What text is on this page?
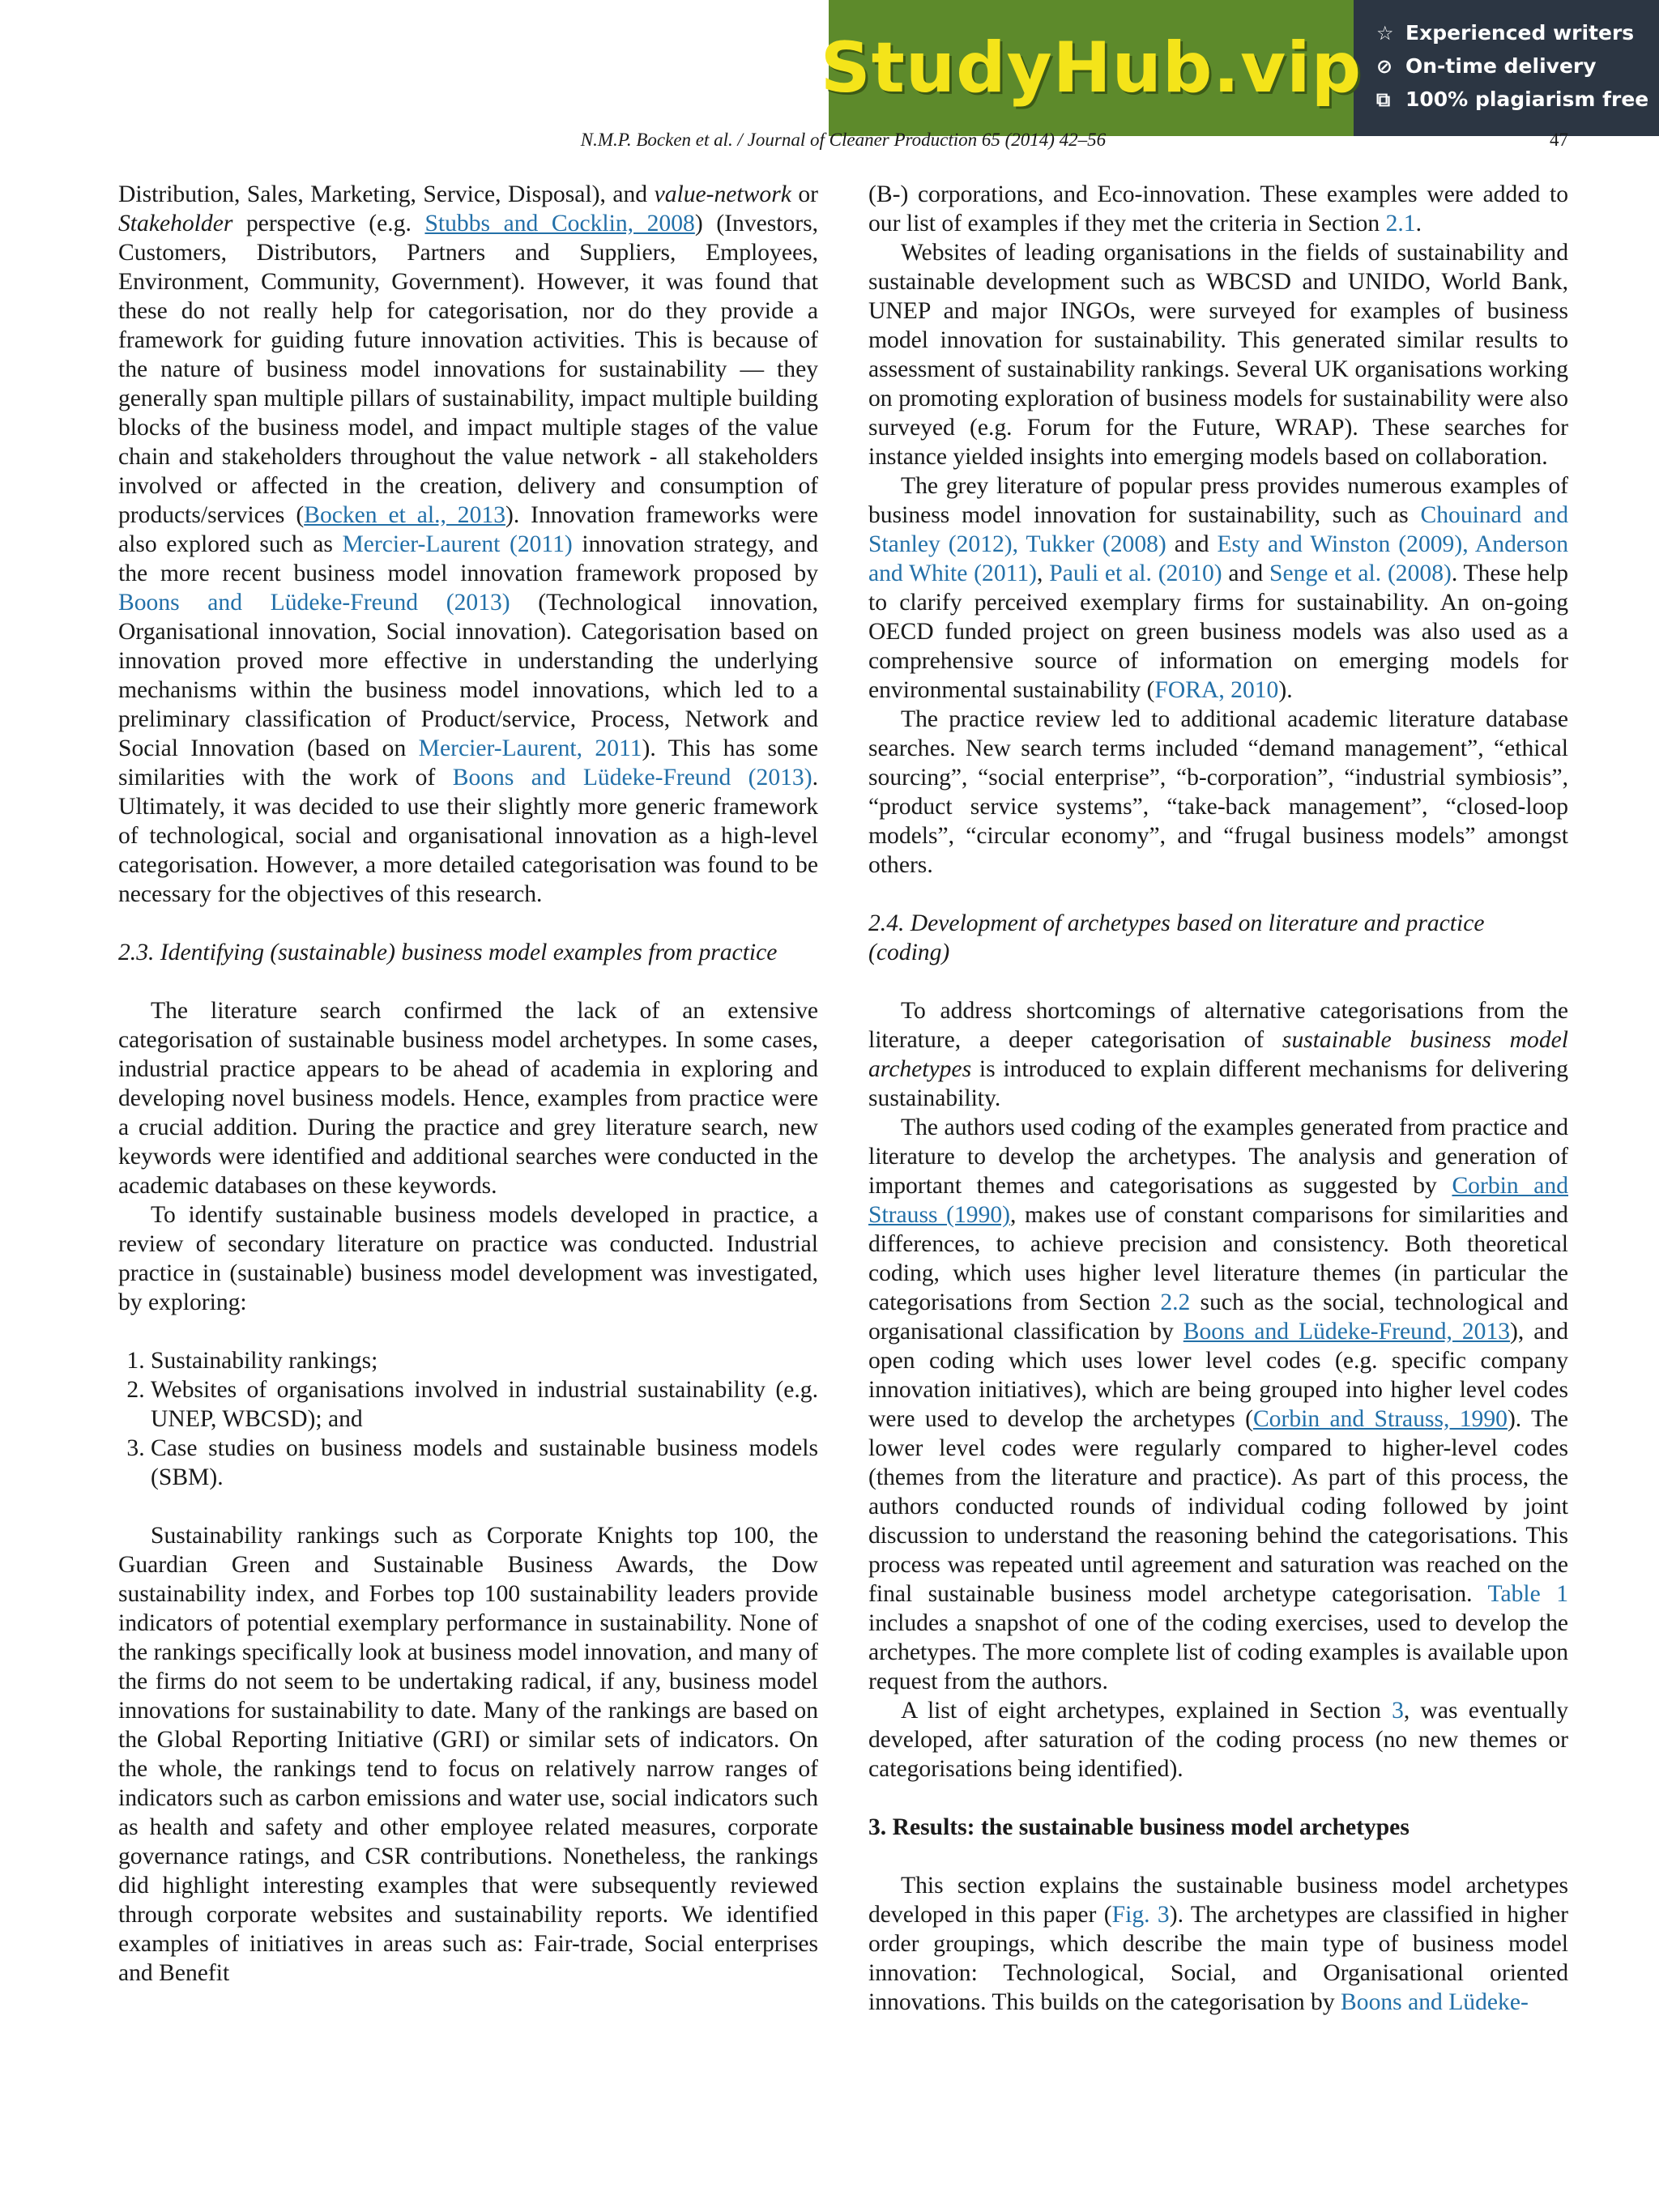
StudyHub.vip ☆ Experienced writers
⊘ On-time delivery
⧉ 100% plagiarism free
N.M.P. Bocken et al. / Journal of Cleaner Production 65 (2014) 42–56	47

Distribution, Sales, Marketing, Service, Disposal), and value-network or Stakeholder perspective (e.g. Stubbs and Cocklin, 2008) (Investors, Customers, Distributors, Partners and Suppliers, Employees, Environment, Community, Government). However, it was found that these do not really help for categorisation, nor do they provide a framework for guiding future innovation activities. This is because of the nature of business model innovations for sustainability — they generally span multiple pillars of sustainability, impact multiple building blocks of the business model, and impact multiple stages of the value chain and stakeholders throughout the value network - all stakeholders involved or affected in the creation, delivery and consumption of products/services (Bocken et al., 2013). Innovation frameworks were also explored such as Mercier-Laurent (2011) innovation strategy, and the more recent business model innovation framework proposed by Boons and Lüdeke-Freund (2013) (Technological innovation, Organisational innovation, Social innovation). Categorisation based on innovation proved more effective in understanding the underlying mechanisms within the business model innovations, which led to a preliminary classification of Product/service, Process, Network and Social Innovation (based on Mercier-Laurent, 2011). This has some similarities with the work of Boons and Lüdeke-Freund (2013). Ultimately, it was decided to use their slightly more generic framework of technological, social and organisational innovation as a high-level categorisation. However, a more detailed categorisation was found to be necessary for the objectives of this research.

2.3. Identifying (sustainable) business model examples from practice

The literature search confirmed the lack of an extensive categorisation of sustainable business model archetypes. In some cases, industrial practice appears to be ahead of academia in exploring and developing novel business models. Hence, examples from practice were a crucial addition. During the practice and grey literature search, new keywords were identified and additional searches were conducted in the academic databases on these keywords.

To identify sustainable business models developed in practice, a review of secondary literature on practice was conducted. Industrial practice in (sustainable) business model development was investigated, by exploring:

1. Sustainability rankings;
2. Websites of organisations involved in industrial sustainability (e.g. UNEP, WBCSD); and
3. Case studies on business models and sustainable business models (SBM).

Sustainability rankings such as Corporate Knights top 100, the Guardian Green and Sustainable Business Awards, the Dow sustainability index, and Forbes top 100 sustainability leaders provide indicators of potential exemplary performance in sustainability. None of the rankings specifically look at business model innovation, and many of the firms do not seem to be undertaking radical, if any, business model innovations for sustainability to date. Many of the rankings are based on the Global Reporting Initiative (GRI) or similar sets of indicators. On the whole, the rankings tend to focus on relatively narrow ranges of indicators such as carbon emissions and water use, social indicators such as health and safety and other employee related measures, corporate governance ratings, and CSR contributions. Nonetheless, the rankings did highlight interesting examples that were subsequently reviewed through corporate websites and sustainability reports. We identified examples of initiatives in areas such as: Fair-trade, Social enterprises and Benefit

(B-) corporations, and Eco-innovation. These examples were added to our list of examples if they met the criteria in Section 2.1.

Websites of leading organisations in the fields of sustainability and sustainable development such as WBCSD and UNIDO, World Bank, UNEP and major INGOs, were surveyed for examples of business model innovation for sustainability. This generated similar results to assessment of sustainability rankings. Several UK organisations working on promoting exploration of business models for sustainability were also surveyed (e.g. Forum for the Future, WRAP). These searches for instance yielded insights into emerging models based on collaboration.

The grey literature of popular press provides numerous examples of business model innovation for sustainability, such as Chouinard and Stanley (2012), Tukker (2008) and Esty and Winston (2009), Anderson and White (2011), Pauli et al. (2010) and Senge et al. (2008). These help to clarify perceived exemplary firms for sustainability. An on-going OECD funded project on green business models was also used as a comprehensive source of information on emerging models for environmental sustainability (FORA, 2010).

The practice review led to additional academic literature database searches. New search terms included “demand management”, “ethical sourcing”, “social enterprise”, “b-corporation”, “industrial symbiosis”, “product service systems”, “take-back management”, “closed-loop models”, “circular economy”, and “frugal business models” amongst others.

2.4. Development of archetypes based on literature and practice (coding)

To address shortcomings of alternative categorisations from the literature, a deeper categorisation of sustainable business model archetypes is introduced to explain different mechanisms for delivering sustainability.

The authors used coding of the examples generated from practice and literature to develop the archetypes. The analysis and generation of important themes and categorisations as suggested by Corbin and Strauss (1990), makes use of constant comparisons for similarities and differences, to achieve precision and consistency. Both theoretical coding, which uses higher level literature themes (in particular the categorisations from Section 2.2 such as the social, technological and organisational classification by Boons and Lüdeke-Freund, 2013), and open coding which uses lower level codes (e.g. specific company innovation initiatives), which are being grouped into higher level codes were used to develop the archetypes (Corbin and Strauss, 1990). The lower level codes were regularly compared to higher-level codes (themes from the literature and practice). As part of this process, the authors conducted rounds of individual coding followed by joint discussion to understand the reasoning behind the categorisations. This process was repeated until agreement and saturation was reached on the final sustainable business model archetype categorisation. Table 1 includes a snapshot of one of the coding exercises, used to develop the archetypes. The more complete list of coding examples is available upon request from the authors.

A list of eight archetypes, explained in Section 3, was eventually developed, after saturation of the coding process (no new themes or categorisations being identified).

3. Results: the sustainable business model archetypes

This section explains the sustainable business model archetypes developed in this paper (Fig. 3). The archetypes are classified in higher order groupings, which describe the main type of business model innovation: Technological, Social, and Organisational oriented innovations. This builds on the categorisation by Boons and Lüdeke-
